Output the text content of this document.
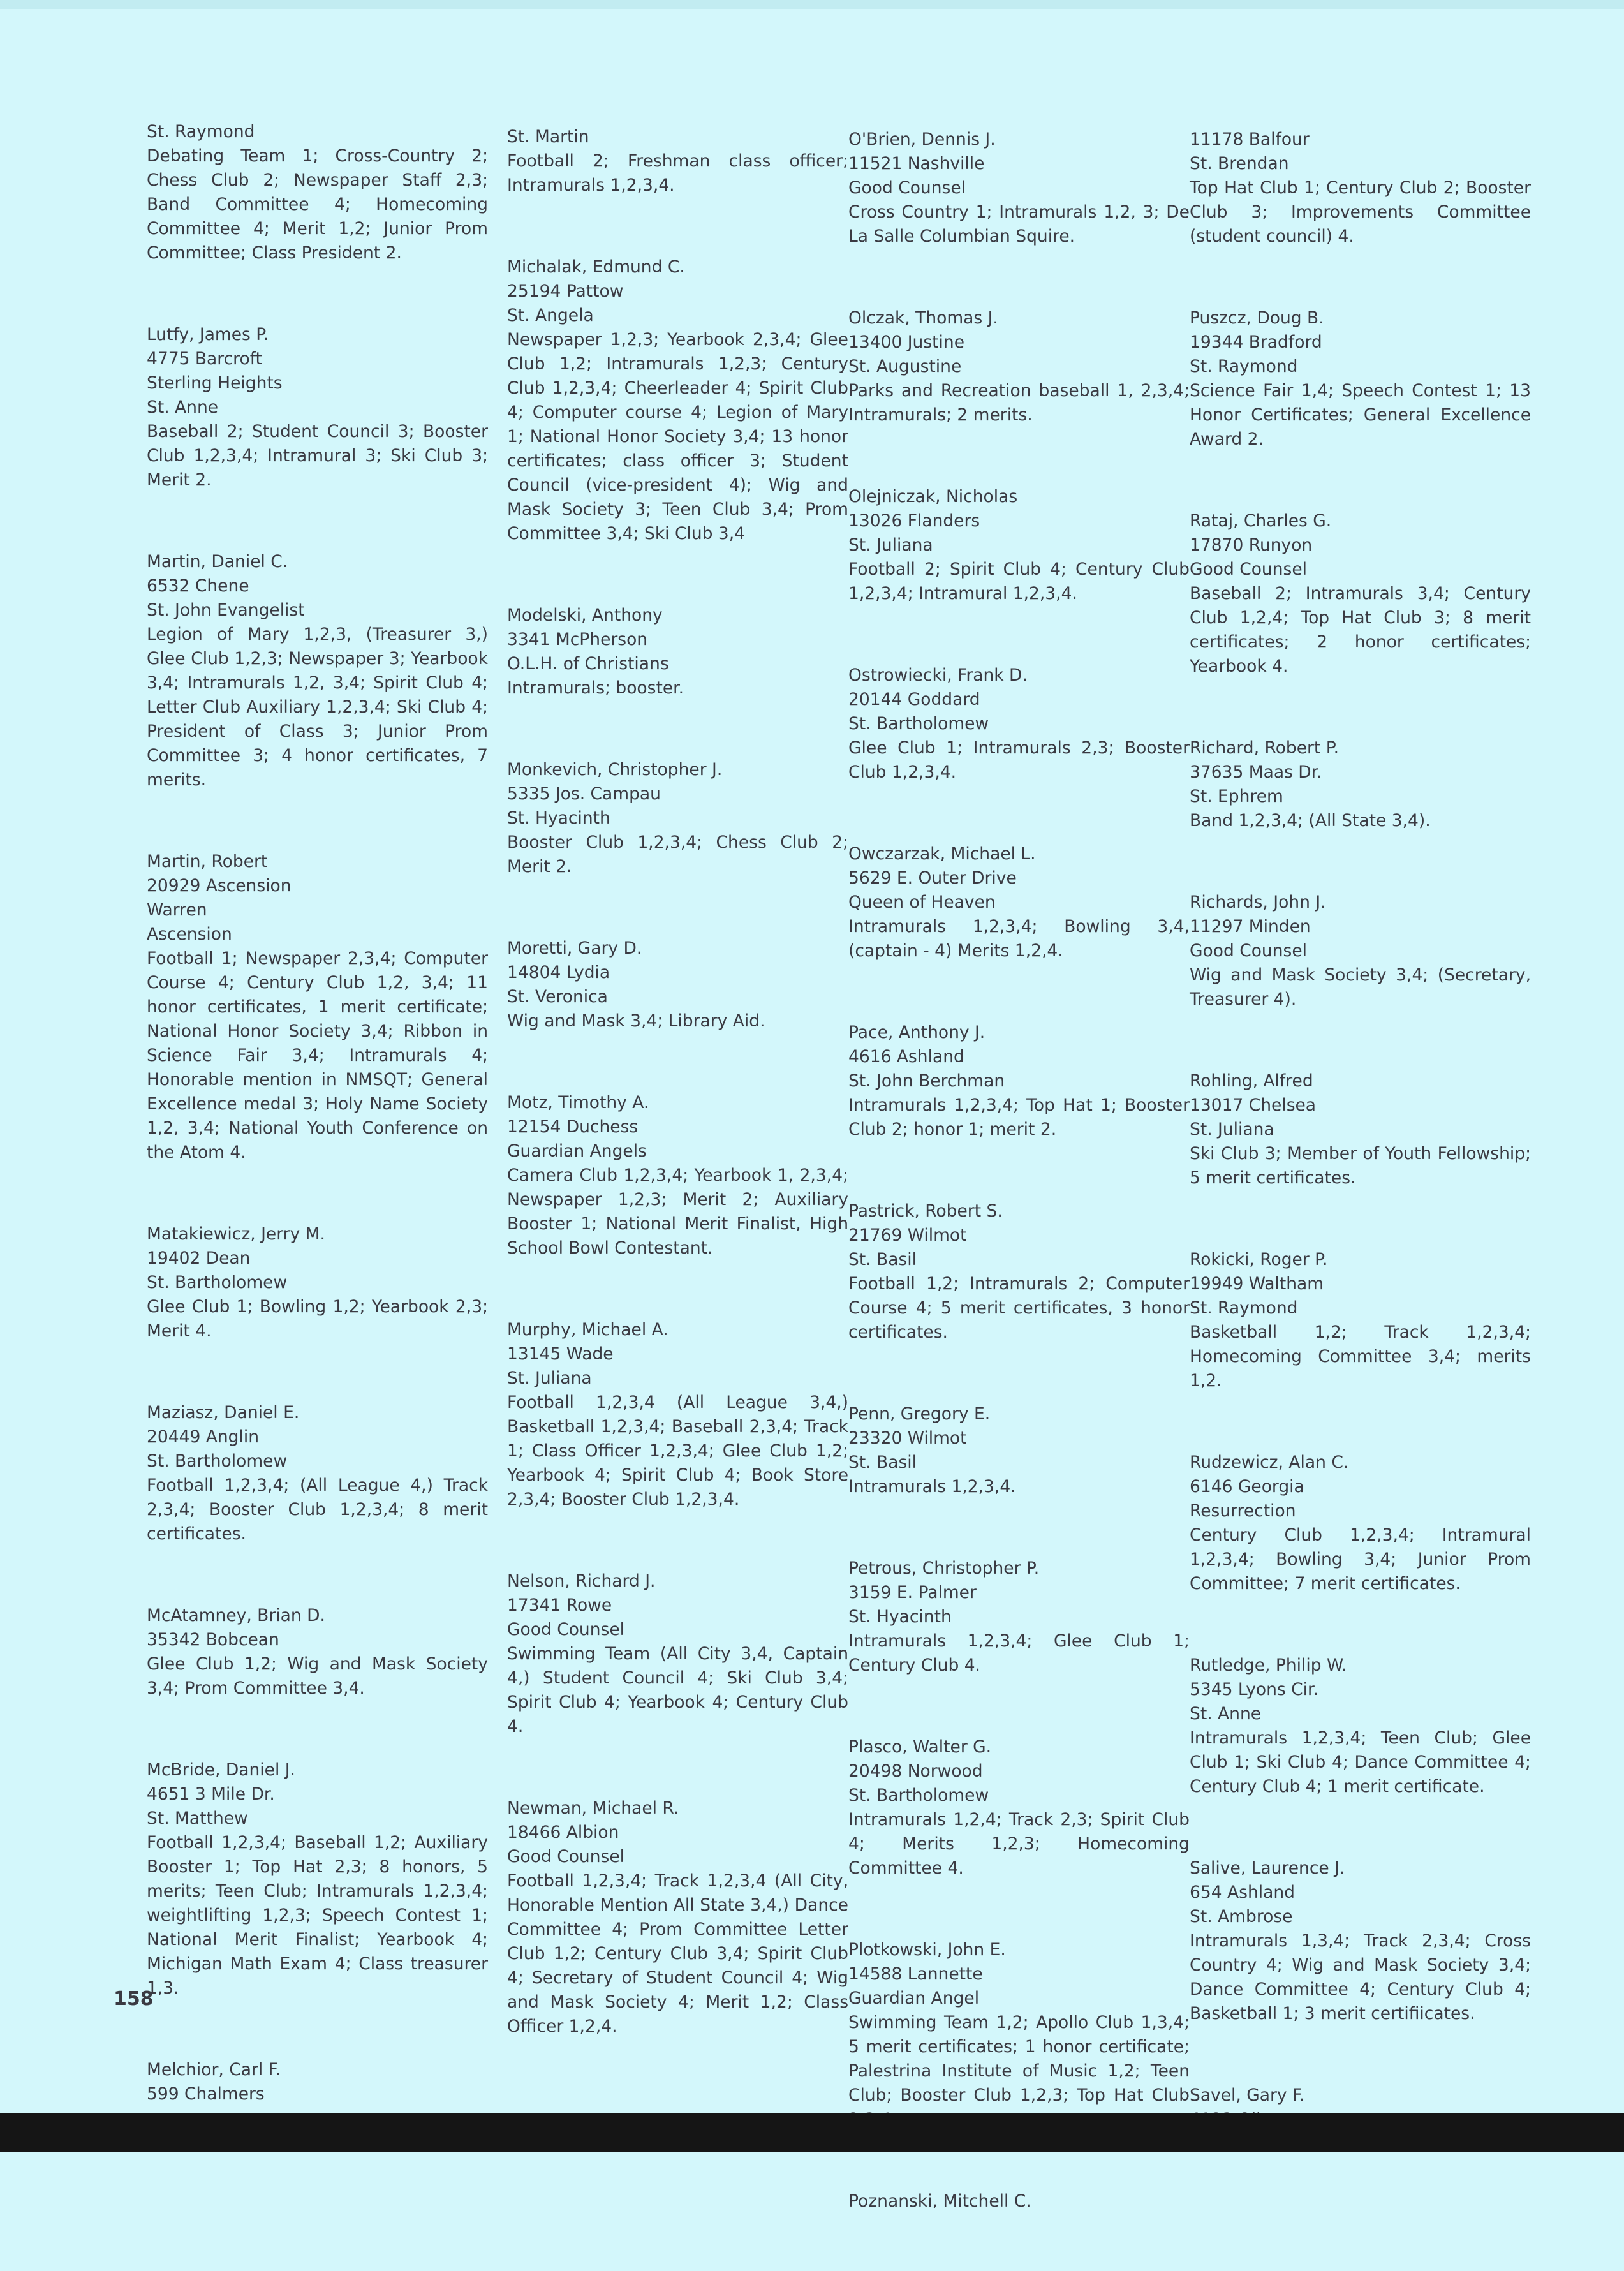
St. Raymond
Debating Team 1; Cross-Country 2; Chess Club 2; Newspaper Staff 2,3; Band Committee 4; Homecoming Committee 4; Merit 1,2; Junior Prom Committee; Class President 2.
Lutfy, James P.
4775 Barcroft
Sterling Heights
St. Anne
Baseball 2; Student Council 3; Booster Club 1,2,3,4; Intramural 3; Ski Club 3; Merit 2.
Martin, Daniel C.
6532 Chene
St. John Evangelist
Legion of Mary 1,2,3, (Treasurer 3,) Glee Club 1,2,3; Newspaper 3; Yearbook 3,4; Intramurals 1,2, 3,4; Spirit Club 4; Letter Club Auxiliary 1,2,3,4; Ski Club 4; President of Class 3; Junior Prom Committee 3; 4 honor certificates, 7 merits.
Martin, Robert
20929 Ascension
Warren
Ascension
Football 1; Newspaper 2,3,4; Computer Course 4; Century Club 1,2, 3,4; 11 honor certificates, 1 merit certificate; National Honor Society 3,4; Ribbon in Science Fair 3,4; Intramurals 4; Honorable mention in NMSQT; General Excellence medal 3; Holy Name Society 1,2, 3,4; National Youth Conference on the Atom 4.
Matakiewicz, Jerry M.
19402 Dean
St. Bartholomew
Glee Club 1; Bowling 1,2; Yearbook 2,3; Merit 4.
Maziasz, Daniel E.
20449 Anglin
St. Bartholomew
Football 1,2,3,4; (All League 4,) Track 2,3,4; Booster Club 1,2,3,4; 8 merit certificates.
McAtamney, Brian D.
35342 Bobcean
Glee Club 1,2; Wig and Mask Society 3,4; Prom Committee 3,4.
McBride, Daniel J.
4651 3 Mile Dr.
St. Matthew
Football 1,2,3,4; Baseball 1,2; Auxiliary Booster 1; Top Hat 2,3; 8 honors, 5 merits; Teen Club; Intramurals 1,2,3,4; weightlifting 1,2,3; Speech Contest 1; National Merit Finalist; Yearbook 4; Michigan Math Exam 4; Class treasurer 1,3.
Melchior, Carl F.
599 Chalmers
St. Martin
Football 2; Freshman class officer; Intramurals 1,2,3,4.
Michalak, Edmund C.
25194 Pattow
St. Angela
Newspaper 1,2,3; Yearbook 2,3,4; Glee Club 1,2; Intramurals 1,2,3; Century Club 1,2,3,4; Cheerleader 4; Spirit Club 4; Computer course 4; Legion of Mary 1; National Honor Society 3,4; 13 honor certificates; class officer 3; Student Council (vice-president 4); Wig and Mask Society 3; Teen Club 3,4; Prom Committee 3,4; Ski Club 3,4
Modelski, Anthony
3341 McPherson
O.L.H. of Christians
Intramurals; booster.
Monkevich, Christopher J.
5335 Jos. Campau
St. Hyacinth
Booster Club 1,2,3,4; Chess Club 2; Merit 2.
Moretti, Gary D.
14804 Lydia
St. Veronica
Wig and Mask 3,4; Library Aid.
Motz, Timothy A.
12154 Duchess
Guardian Angels
Camera Club 1,2,3,4; Yearbook 1, 2,3,4; Newspaper 1,2,3; Merit 2; Auxiliary Booster 1; National Merit Finalist, High School Bowl Contestant.
Murphy, Michael A.
13145 Wade
St. Juliana
Football 1,2,3,4 (All League 3,4,) Basketball 1,2,3,4; Baseball 2,3,4; Track 1; Class Officer 1,2,3,4; Glee Club 1,2; Yearbook 4; Spirit Club 4; Book Store 2,3,4; Booster Club 1,2,3,4.
Nelson, Richard J.
17341 Rowe
Good Counsel
Swimming Team (All City 3,4, Captain 4,) Student Council 4; Ski Club 3,4; Spirit Club 4; Yearbook 4; Century Club 4.
Newman, Michael R.
18466 Albion
Good Counsel
Football 1,2,3,4; Track 1,2,3,4 (All City, Honorable Mention All State 3,4,) Dance Committee 4; Prom Committee Letter Club 1,2; Century Club 3,4; Spirit Club 4; Secretary of Student Council 4; Wig and Mask Society 4; Merit 1,2; Class Officer 1,2,4.
O'Brien, Dennis J.
11521 Nashville
Good Counsel
Cross Country 1; Intramurals 1,2, 3; De La Salle Columbian Squire.
Olczak, Thomas J.
13400 Justine
St. Augustine
Parks and Recreation baseball 1, 2,3,4; Intramurals; 2 merits.
Olejniczak, Nicholas
13026 Flanders
St. Juliana
Football 2; Spirit Club 4; Century Club 1,2,3,4; Intramural 1,2,3,4.
Ostrowiecki, Frank D.
20144 Goddard
St. Bartholomew
Glee Club 1; Intramurals 2,3; Booster Club 1,2,3,4.
Owczarzak, Michael L.
5629 E. Outer Drive
Queen of Heaven
Intramurals 1,2,3,4; Bowling 3,4, (captain - 4) Merits 1,2,4.
Pace, Anthony J.
4616 Ashland
St. John Berchman
Intramurals 1,2,3,4; Top Hat 1; Booster Club 2; honor 1; merit 2.
Pastrick, Robert S.
21769 Wilmot
St. Basil
Football 1,2; Intramurals 2; Computer Course 4; 5 merit certificates, 3 honor certificates.
Penn, Gregory E.
23320 Wilmot
St. Basil
Intramurals 1,2,3,4.
Petrous, Christopher P.
3159 E. Palmer
St. Hyacinth
Intramurals 1,2,3,4; Glee Club 1; Century Club 4.
Plasco, Walter G.
20498 Norwood
St. Bartholomew
Intramurals 1,2,4; Track 2,3; Spirit Club 4; Merits 1,2,3; Homecoming Committee 4.
Plotkowski, John E.
14588 Lannette
Guardian Angel
Swimming Team 1,2; Apollo Club 1,3,4; 5 merit certificates; 1 honor certificate; Palestrina Institute of Music 1,2; Teen Club; Booster Club 1,2,3; Top Hat Club
Poznanski, Mitchell C.
11178 Balfour
St. Brendan
Top Hat Club 1; Century Club 2; Booster Club 3; Improvements Committee (student council) 4.
Puszcz, Doug B.
19344 Bradford
St. Raymond
Science Fair 1,4; Speech Contest 1; 13 Honor Certificates; General Excellence Award 2.
Rataj, Charles G.
17870 Runyon
Good Counsel
Baseball 2; Intramurals 3,4; Century Club 1,2,4; Top Hat Club 3; 8 merit certificates; 2 honor certificates; Yearbook 4.
Richard, Robert P.
37635 Maas Dr.
St. Ephrem
Band 1,2,3,4; (All State 3,4).
Richards, John J.
11297 Minden
Good Counsel
Wig and Mask Society 3,4; (Secretary, Treasurer 4).
Rohling, Alfred
13017 Chelsea
St. Juliana
Ski Club 3; Member of Youth Fellowship; 5 merit certificates.
Rokicki, Roger P.
19949 Waltham
St. Raymond
Basketball 1,2; Track 1,2,3,4; Homecoming Committee 3,4; merits 1,2.
Rudzewicz, Alan C.
6146 Georgia
Resurrection
Century Club 1,2,3,4; Intramural 1,2,3,4; Bowling 3,4; Junior Prom Committee; 7 merit certificates.
Rutledge, Philip W.
5345 Lyons Cir.
St. Anne
Intramurals 1,2,3,4; Teen Club; Glee Club 1; Ski Club 4; Dance Committee 4; Century Club 4; 1 merit certificate.
Salive, Laurence J.
654 Ashland
St. Ambrose
Intramurals 1,3,4; Track 2,3,4; Cross Country 4; Wig and Mask Society 3,4; Dance Committee 4; Century Club 4; Basketball 1; 3 merit certifiicates.
Savel, Gary F.
158
